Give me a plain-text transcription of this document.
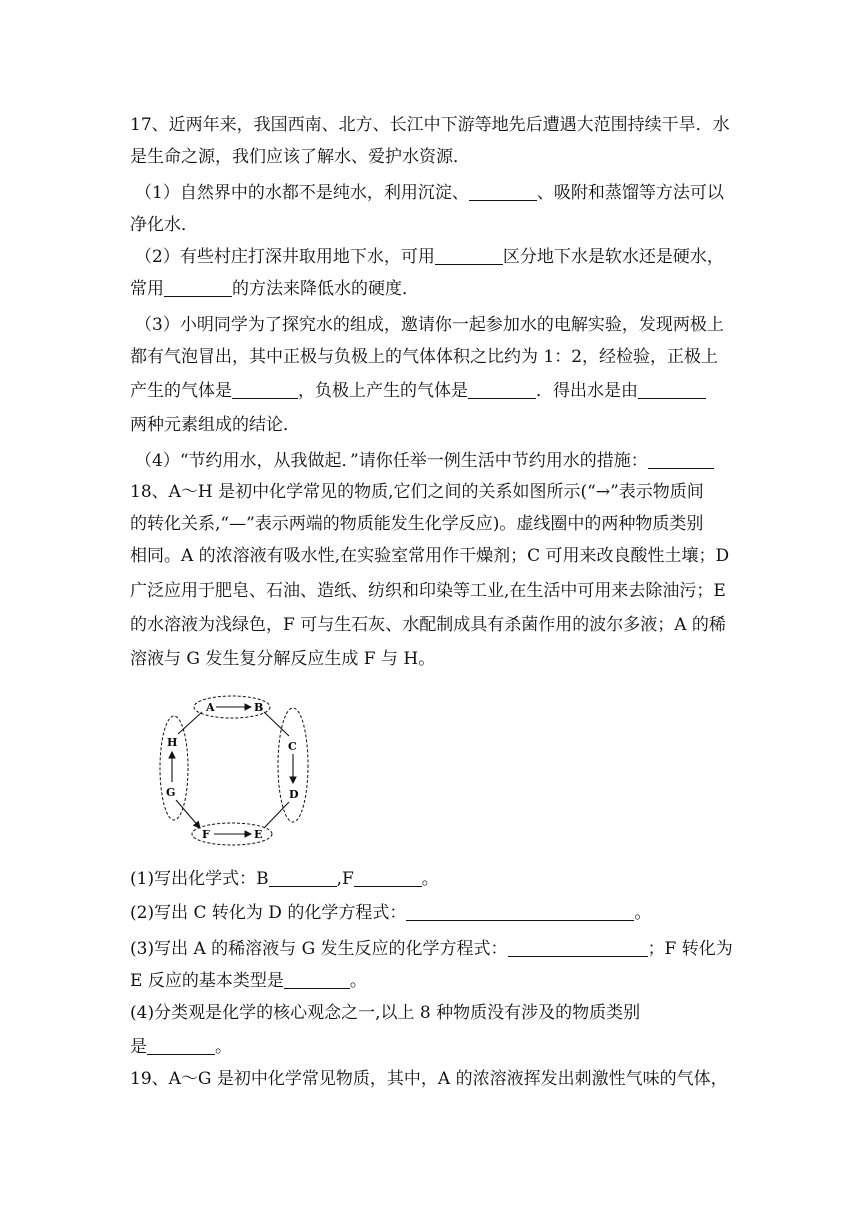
17、近两年来，我国西南、北方、长江中下游等地先后遭遇大范围持续干旱．水

是生命之源，我们应该了解水、爱护水资源．

（1）自然界中的水都不是纯水，利用沉淀、	、吸附和蒸馏等方法可以

净化水．

（2）有些村庄打深井取用地下水，可用	区分地下水是软水还是硬水，

常用	的方法来降低水的硬度．

（3）小明同学为了探究水的组成，邀请你一起参加水的电解实验，发现两极上

都有气泡冒出，其中正极与负极上的气体体积之比约为 1：2，经检验，正极上

产生的气体是	，负极上产生的气体是	．得出水是由

两种元素组成的结论．

（4）“节约用水，从我做起．”请你任举一例生活中节约用水的措施：

18、A～H 是初中化学常见的物质,它们之间的关系如图所示(“→”表示物质间

的转化关系,“—”表示两端的物质能发生化学反应)。虚线圈中的两种物质类别

相同。A 的浓溶液有吸水性,在实验室常用作干燥剂；C 可用来改良酸性土壤；D

广泛应用于肥皂、石油、造纸、纺织和印染等工业,在生活中可用来去除油污；E

的水溶液为浅绿色，F 可与生石灰、水配制成具有杀菌作用的波尔多液；A 的稀

溶液与 G 发生复分解反应生成 F 与 H。

A	B
C
D
E
F
G
H

(1)写出化学式：B	,F	。

(2)写出 C 转化为 D 的化学方程式：	。

(3)写出 A 的稀溶液与 G 发生反应的化学方程式：	；F 转化为

E 反应的基本类型是	。

(4)分类观是化学的核心观念之一,以上 8 种物质没有涉及的物质类别

是	。

19、A～G 是初中化学常见物质，其中，A 的浓溶液挥发出刺激性气味的气体，
